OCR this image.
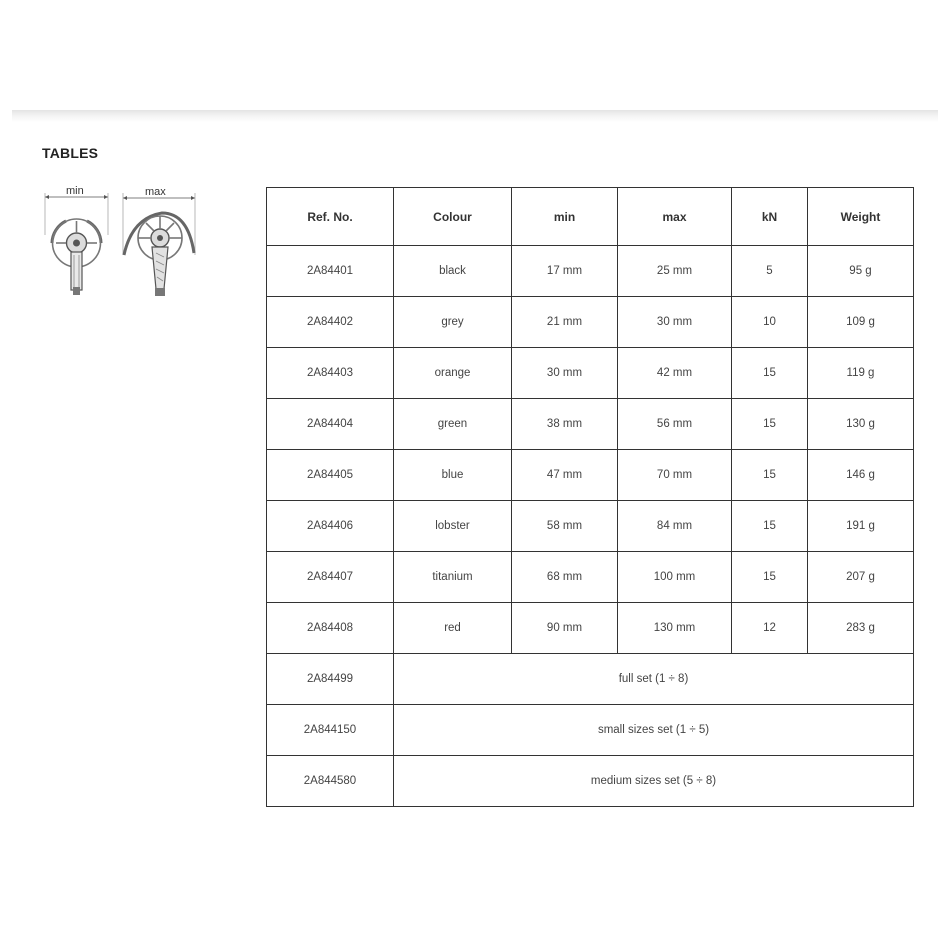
TABLES
min	max
Ref. No.	Colour	min	max	kN	Weight
2A84401	black	17 mm	25 mm	5	95 g
2A84402	grey	21 mm	30 mm	10	109 g
2A84403	orange	30 mm	42 mm	15	119 g
2A84404	green	38 mm	56 mm	15	130 g
2A84405	blue	47 mm	70 mm	15	146 g
2A84406	lobster	58 mm	84 mm	15	191 g
2A84407	titanium	68 mm	100 mm	15	207 g
2A84408	red	90 mm	130 mm	12	283 g
2A84499	full set (1 ÷ 8)				
2A844150	small sizes set (1 ÷ 5)				
2A844580	medium sizes set (5 ÷ 8)				
